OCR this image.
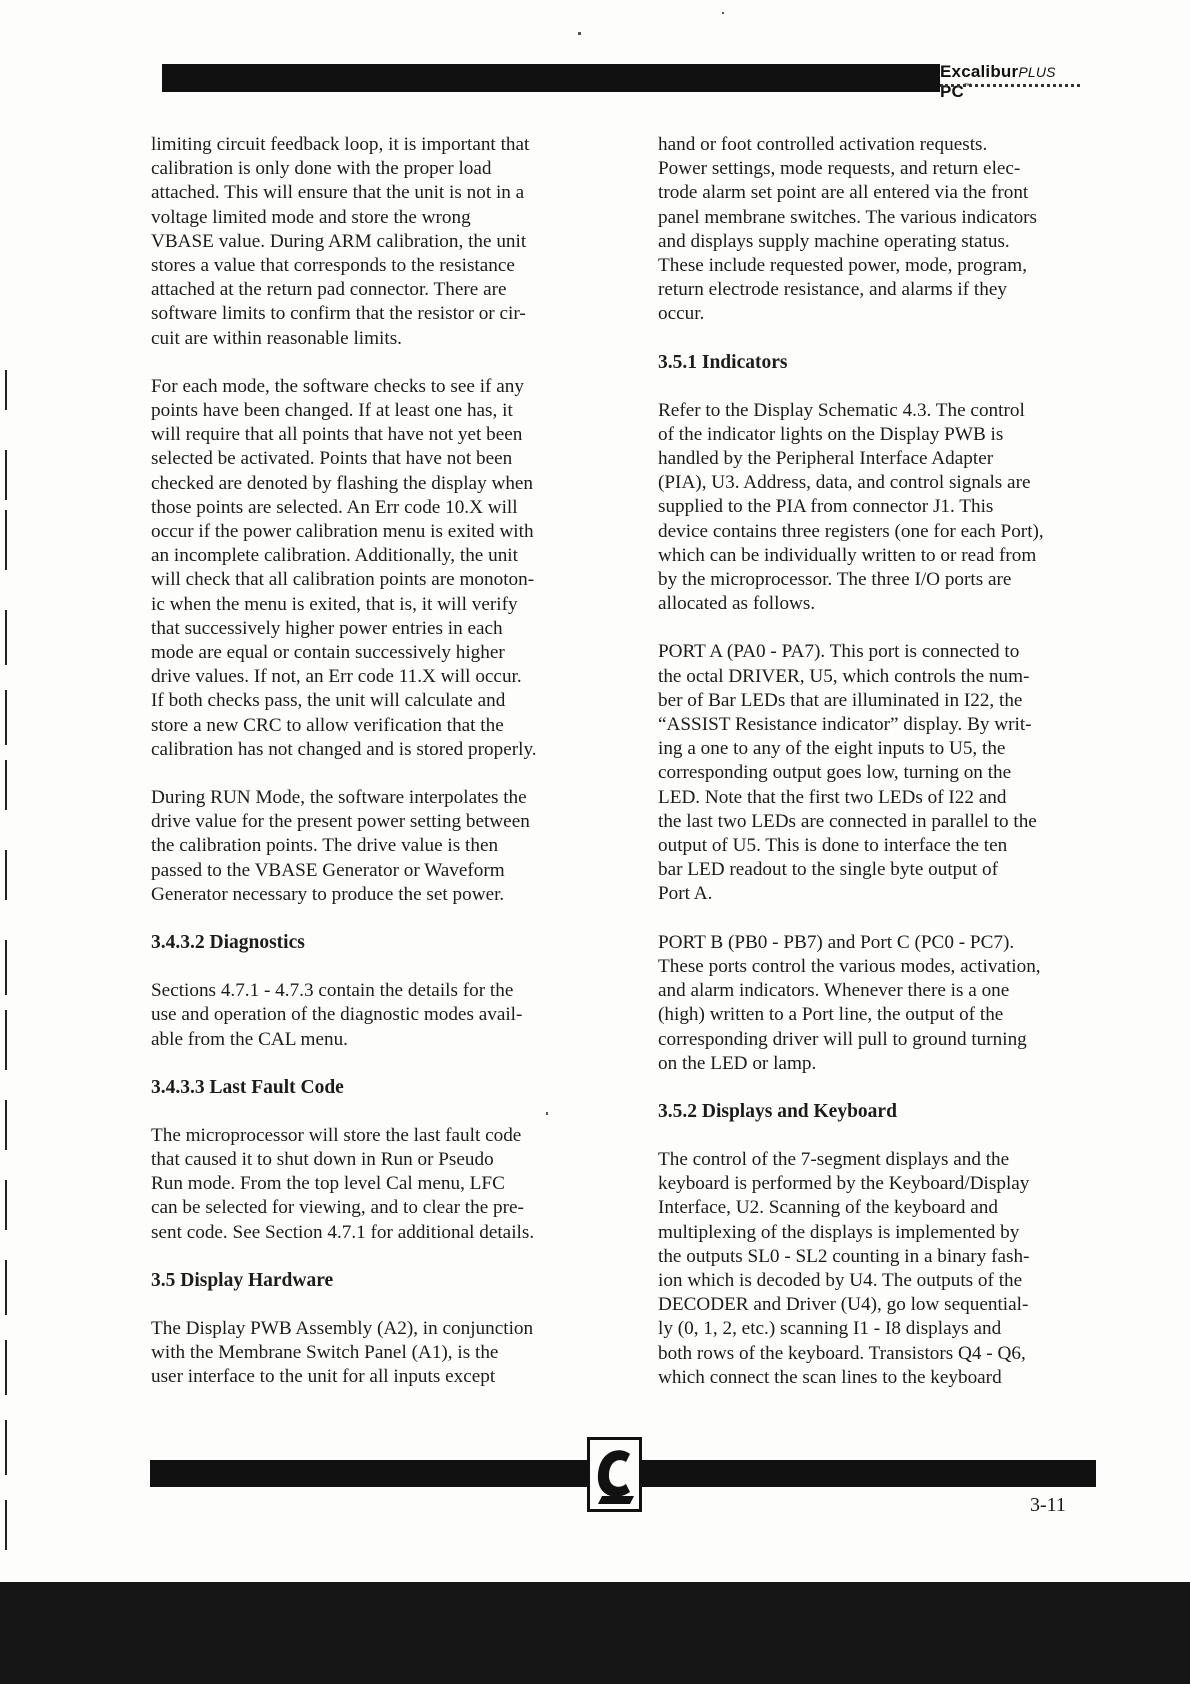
ExcaliburPLUS PC™

limiting circuit feedback loop, it is important that
calibration is only done with the proper load
attached. This will ensure that the unit is not in a
voltage limited mode and store the wrong
VBASE value. During ARM calibration, the unit
stores a value that corresponds to the resistance
attached at the return pad connector. There are
software limits to confirm that the resistor or cir-
cuit are within reasonable limits.

For each mode, the software checks to see if any
points have been changed. If at least one has, it
will require that all points that have not yet been
selected be activated. Points that have not been
checked are denoted by flashing the display when
those points are selected. An Err code 10.X will
occur if the power calibration menu is exited with
an incomplete calibration. Additionally, the unit
will check that all calibration points are monoton-
ic when the menu is exited, that is, it will verify
that successively higher power entries in each
mode are equal or contain successively higher
drive values. If not, an Err code 11.X will occur.
If both checks pass, the unit will calculate and
store a new CRC to allow verification that the
calibration has not changed and is stored properly.

During RUN Mode, the software interpolates the
drive value for the present power setting between
the calibration points. The drive value is then
passed to the VBASE Generator or Waveform
Generator necessary to produce the set power.

3.4.3.2 Diagnostics

Sections 4.7.1 - 4.7.3 contain the details for the
use and operation of the diagnostic modes avail-
able from the CAL menu.

3.4.3.3 Last Fault Code

The microprocessor will store the last fault code
that caused it to shut down in Run or Pseudo
Run mode. From the top level Cal menu, LFC
can be selected for viewing, and to clear the pre-
sent code. See Section 4.7.1 for additional details.

3.5 Display Hardware

The Display PWB Assembly (A2), in conjunction
with the Membrane Switch Panel (A1), is the
user interface to the unit for all inputs except

hand or foot controlled activation requests.
Power settings, mode requests, and return elec-
trode alarm set point are all entered via the front
panel membrane switches. The various indicators
and displays supply machine operating status.
These include requested power, mode, program,
return electrode resistance, and alarms if they
occur.

3.5.1 Indicators

Refer to the Display Schematic 4.3. The control
of the indicator lights on the Display PWB is
handled by the Peripheral Interface Adapter
(PIA), U3. Address, data, and control signals are
supplied to the PIA from connector J1. This
device contains three registers (one for each Port),
which can be individually written to or read from
by the microprocessor. The three I/O ports are
allocated as follows.

PORT A (PA0 - PA7). This port is connected to
the octal DRIVER, U5, which controls the num-
ber of Bar LEDs that are illuminated in I22, the
“ASSIST Resistance indicator” display. By writ-
ing a one to any of the eight inputs to U5, the
corresponding output goes low, turning on the
LED. Note that the first two LEDs of I22 and
the last two LEDs are connected in parallel to the
output of U5. This is done to interface the ten
bar LED readout to the single byte output of
Port A.

PORT B (PB0 - PB7) and Port C (PC0 - PC7).
These ports control the various modes, activation,
and alarm indicators. Whenever there is a one
(high) written to a Port line, the output of the
corresponding driver will pull to ground turning
on the LED or lamp.

3.5.2 Displays and Keyboard

The control of the 7-segment displays and the
keyboard is performed by the Keyboard/Display
Interface, U2. Scanning of the keyboard and
multiplexing of the displays is implemented by
the outputs SL0 - SL2 counting in a binary fash-
ion which is decoded by U4. The outputs of the
DECODER and Driver (U4), go low sequential-
ly (0, 1, 2, etc.) scanning I1 - I8 displays and
both rows of the keyboard. Transistors Q4 - Q6,
which connect the scan lines to the keyboard

3-11
